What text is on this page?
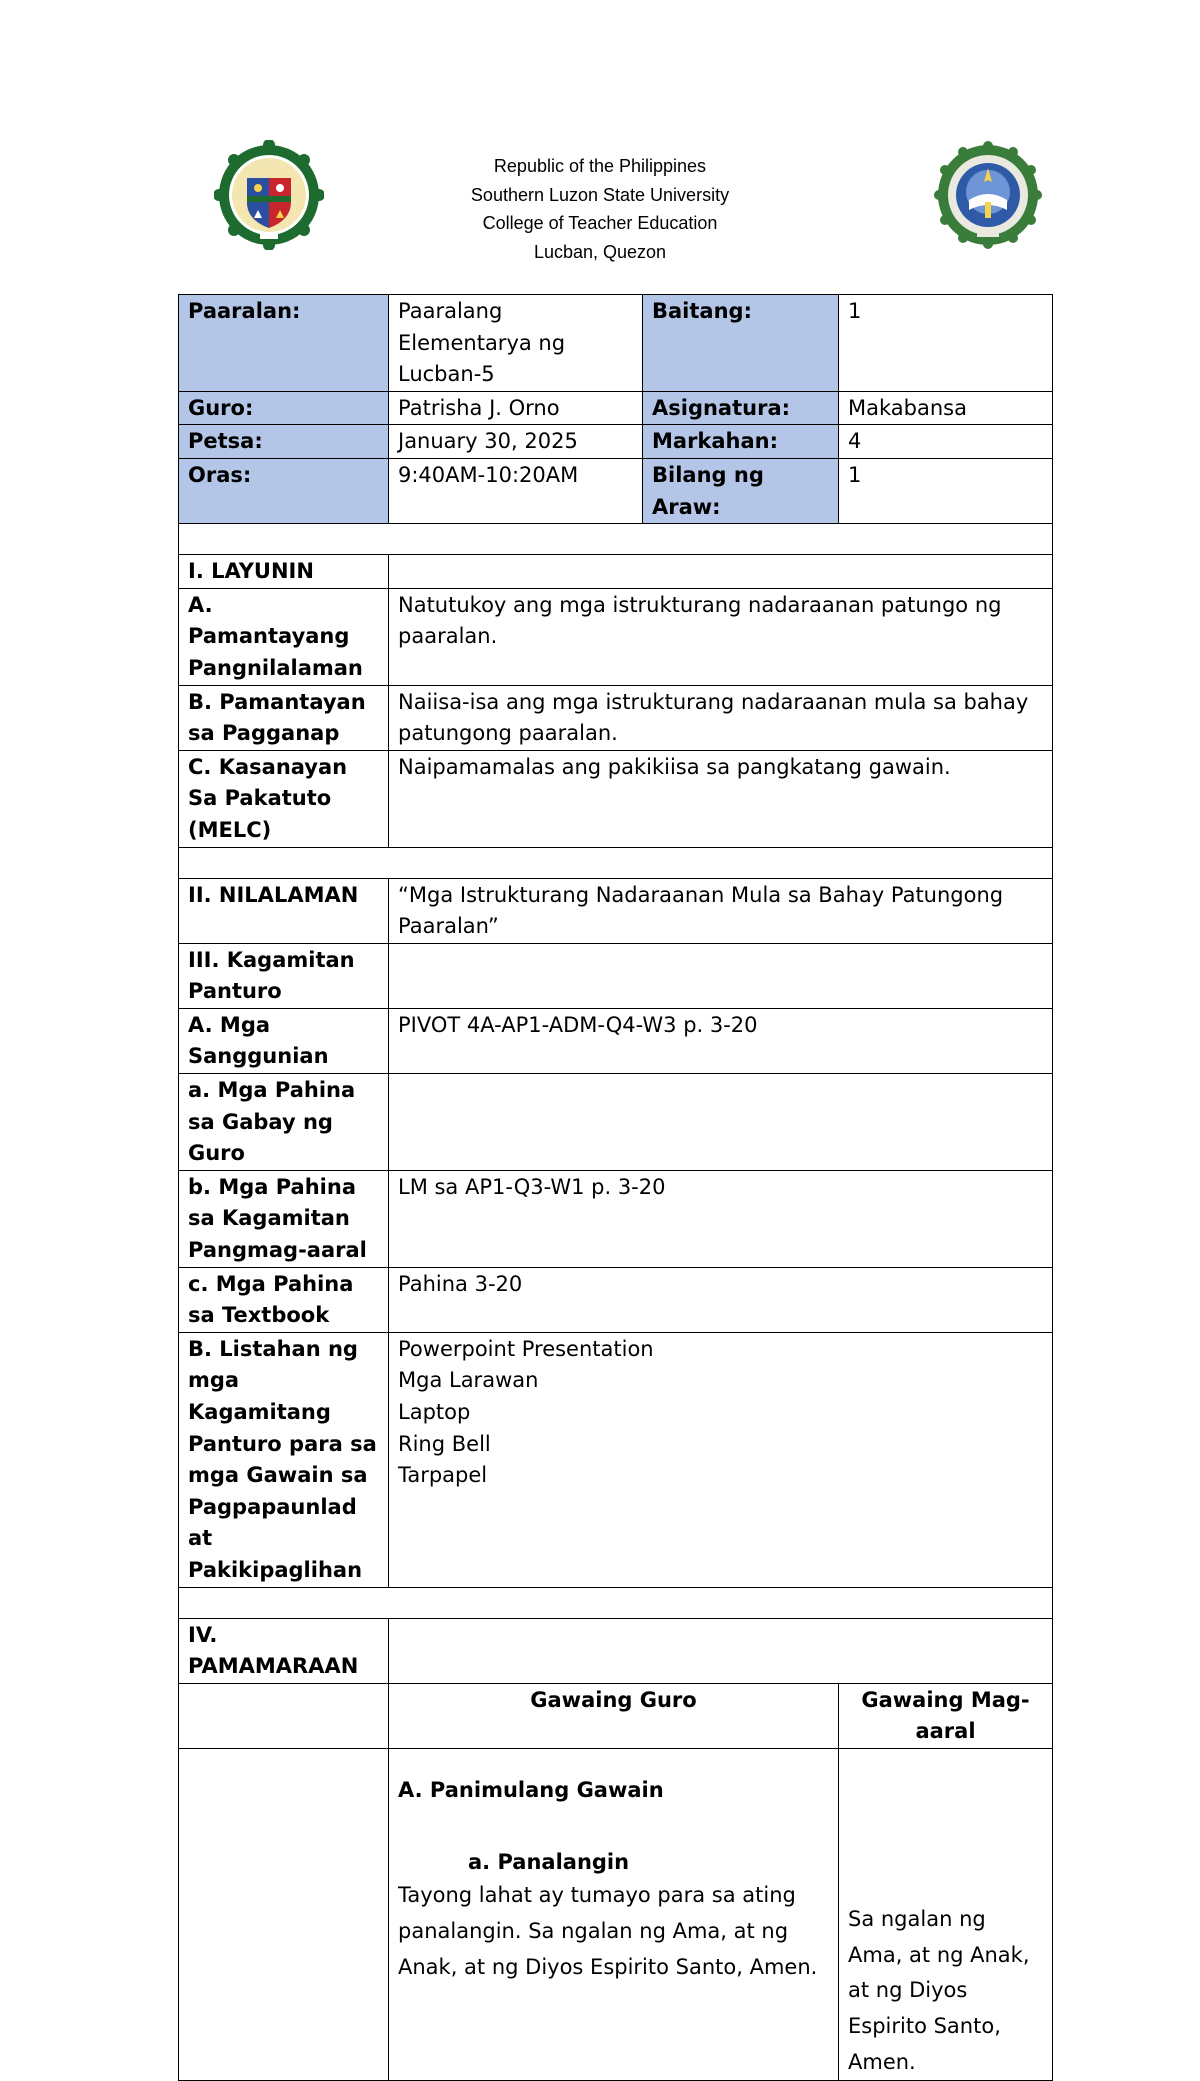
Republic of the Philippines
Southern Luzon State University
College of Teacher Education
Lucban, Quezon
Paaralan:	Paaralang Elementarya ng Lucban-5	Baitang:	1
Guro:	Patrisha J. Orno	Asignatura:	Makabansa
Petsa:	January 30, 2025	Markahan:	4
Oras:	9:40AM-10:20AM	Bilang ng Araw:	1

I. LAYUNIN			
A. Pamantayang Pangnilalaman	Natutukoy ang mga istrukturang nadaraanan patungo ng paaralan.		
B. Pamantayan sa Pagganap	Naiisa-isa ang mga istrukturang nadaraanan mula sa bahay patungong paaralan.		
C. Kasanayan Sa Pakatuto (MELC)	Naipamamalas ang pakikiisa sa pangkatang gawain.		

II. NILALAMAN	“Mga Istrukturang Nadaraanan Mula sa Bahay Patungong Paaralan”		
III. Kagamitan Panturo			
A. Mga Sanggunian	PIVOT 4A-AP1-ADM-Q4-W3 p. 3-20		
a. Mga Pahina sa Gabay ng Guro			
b. Mga Pahina sa Kagamitan Pangmag-aaral	LM sa AP1-Q3-W1 p. 3-20		
c. Mga Pahina sa Textbook	Pahina 3-20		
B. Listahan ng mga Kagamitang Panturo para sa mga Gawain sa Pagpapaunlad at Pakikipaglihan	Powerpoint Presentation
Mga Larawan
Laptop
Ring Bell
Tarpapel		

IV. PAMAMARAAN			
	Gawaing Guro		Gawaing Mag-aaral

	A. Panimulang Gawain
a. Panalangin
Tayong lahat ay tumayo para sa ating panalangin. Sa ngalan ng Ama, at ng Anak, at ng Diyos Espirito Santo, Amen.		Sa ngalan ng Ama, at ng Anak, at ng Diyos Espirito Santo, Amen.
